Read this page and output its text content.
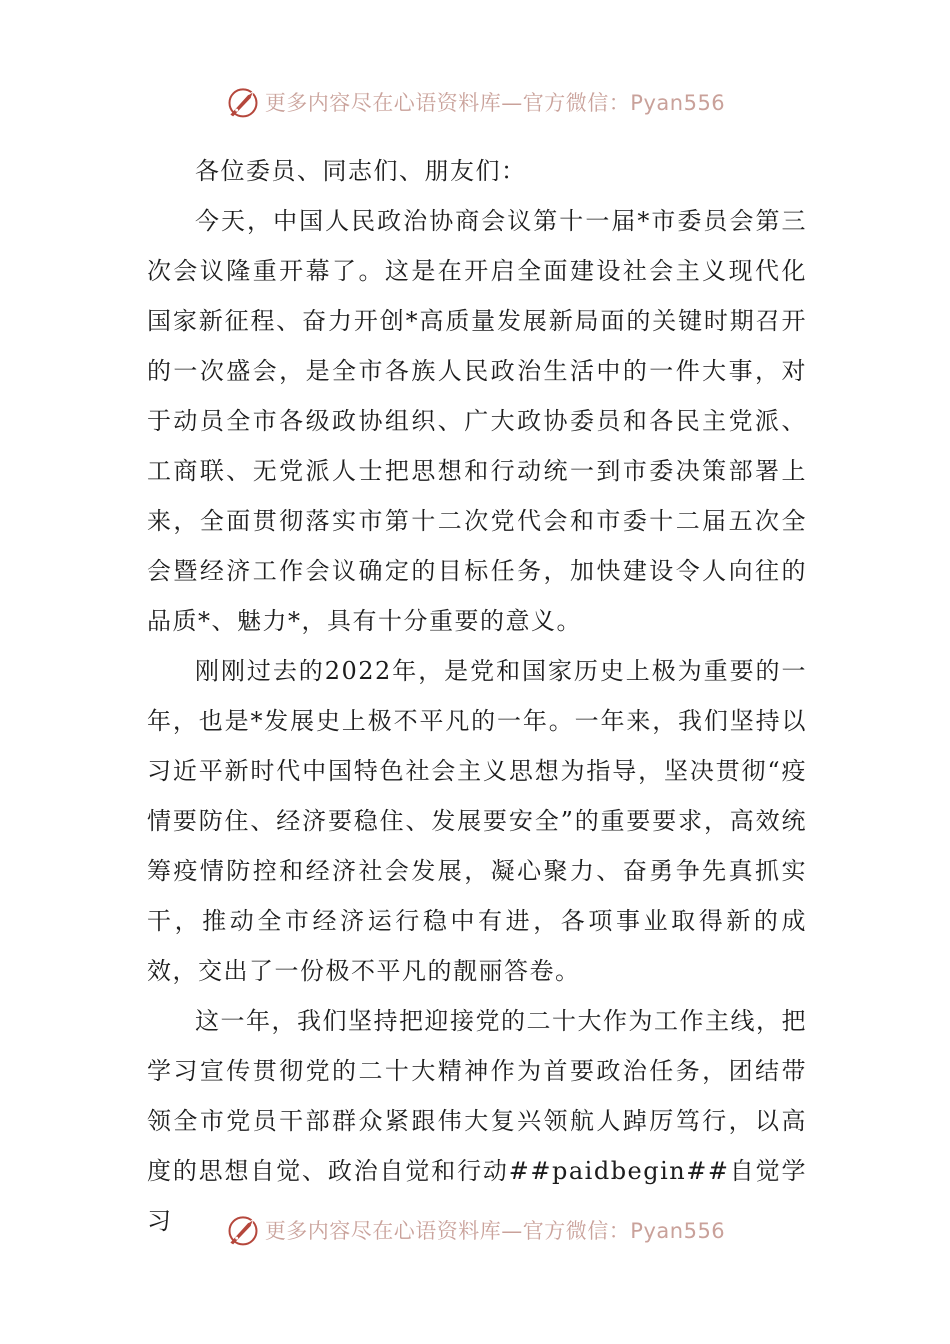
更多内容尽在心语资料库—官方微信：Pyan556

各位委员、同志们、朋友们：

今天，中国人民政治协商会议第十一届*市委员会第三次会议隆重开幕了。这是在开启全面建设社会主义现代化国家新征程、奋力开创*高质量发展新局面的关键时期召开的一次盛会，是全市各族人民政治生活中的一件大事，对于动员全市各级政协组织、广大政协委员和各民主党派、工商联、无党派人士把思想和行动统一到市委决策部署上来，全面贯彻落实市第十二次党代会和市委十二届五次全会暨经济工作会议确定的目标任务，加快建设令人向往的品质*、魅力*，具有十分重要的意义。

刚刚过去的2022年，是党和国家历史上极为重要的一年，也是*发展史上极不平凡的一年。一年来，我们坚持以习近平新时代中国特色社会主义思想为指导，坚决贯彻“疫情要防住、经济要稳住、发展要安全”的重要要求，高效统筹疫情防控和经济社会发展，凝心聚力、奋勇争先真抓实干，推动全市经济运行稳中有进，各项事业取得新的成效，交出了一份极不平凡的靓丽答卷。

这一年，我们坚持把迎接党的二十大作为工作主线，把学习宣传贯彻党的二十大精神作为首要政治任务，团结带领全市党员干部群众紧跟伟大复兴领航人踔厉笃行，以高度的思想自觉、政治自觉和行动##paidbegin##自觉学习	更多内容尽在心语资料库—官方微信：Pyan556
